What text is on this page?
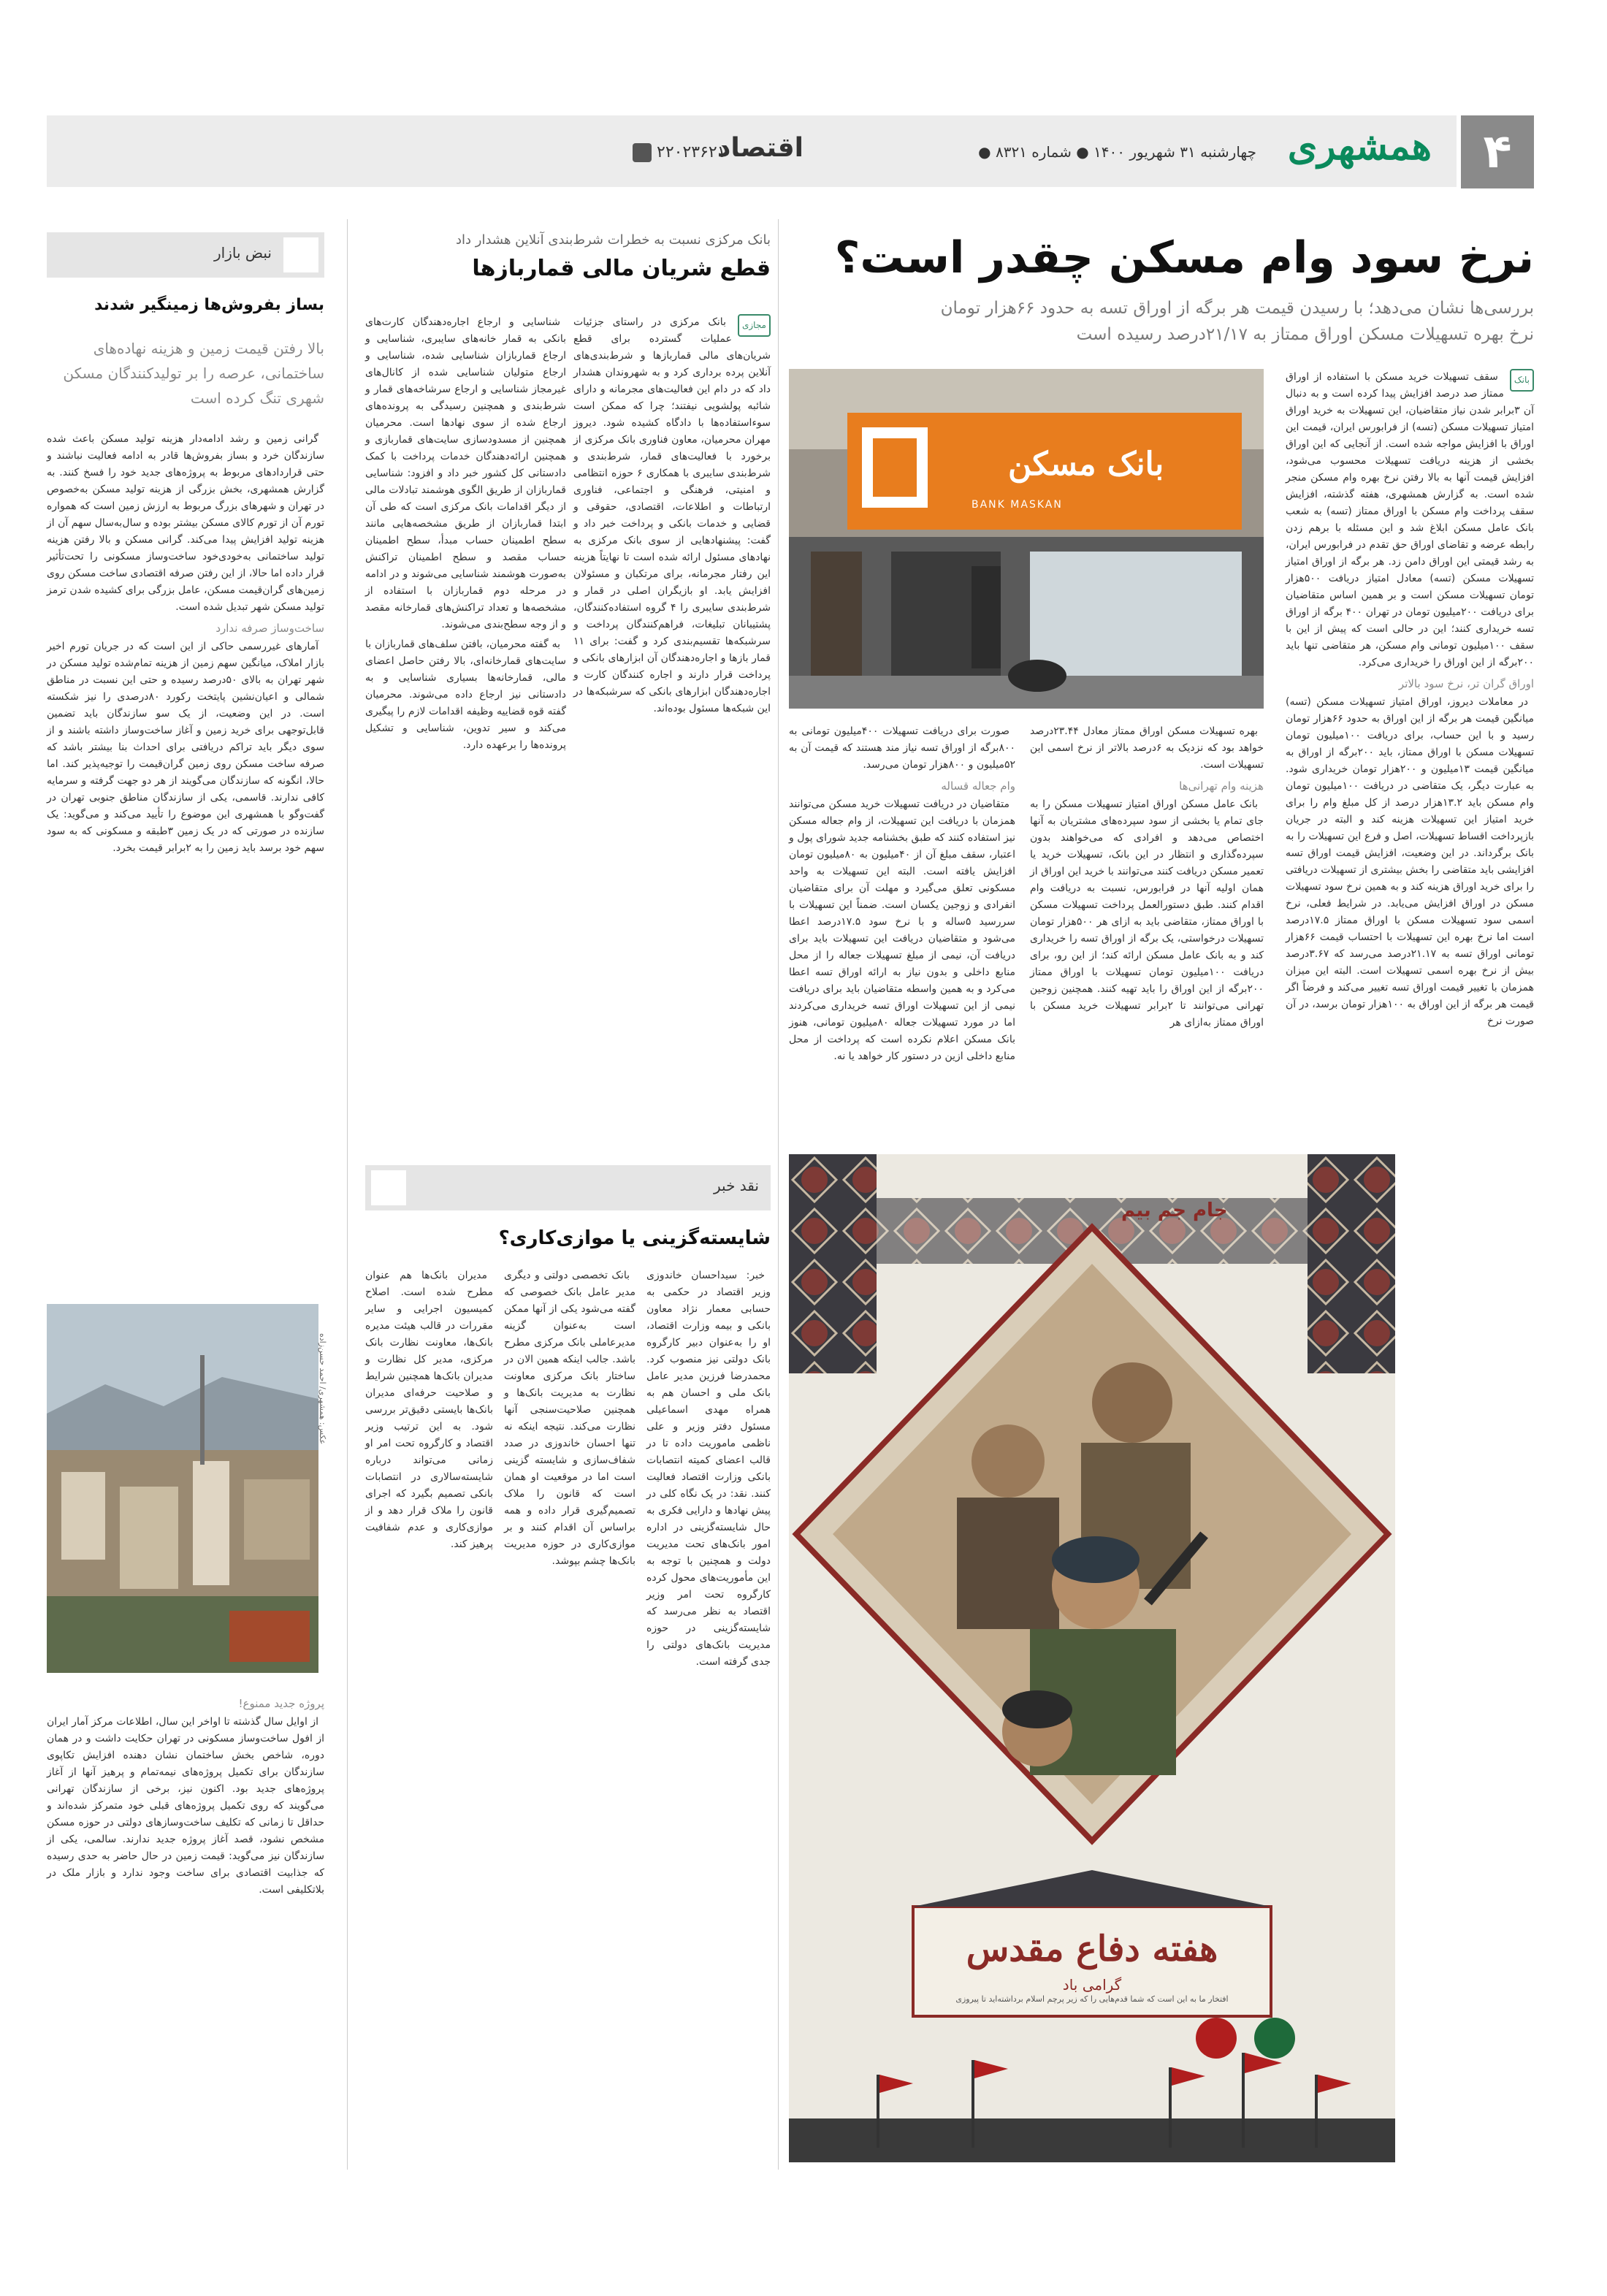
۴
همشهری
چهارشنبه ۳۱ شهریور ۱۴۰۰ ● شماره ۸۳۲۱ ●
اقتصاد
۲۲۰۲۳۶۲۱
نرخ سود وام مسکن چقدر است؟
بررسی‌ها نشان می‌دهد؛ با رسیدن قیمت هر برگه از اوراق تسه به حدود ۶۶هزار تومان
نرخ بهره تسهیلات مسکن اوراق ممتاز به ۲۱/۱۷درصد رسیده است
بانک مسکن
BANK MASKAN
بانک

سقف تسهیلات خرید مسکن با استفاده از اوراق ممتاز صد درصد افزایش پیدا کرده است و به دنبال آن ۳برابر شدن نیاز متقاضیان، این تسهیلات به خرید اوراق امتیاز تسهیلات مسکن (تسه) از فرابورس ایران، قیمت این اوراق با افزایش مواجه شده است. از آنجایی که این اوراق بخشی از هزینه دریافت تسهیلات محسوب می‌شود، افزایش قیمت آنها به بالا رفتن نرخ بهره وام مسکن منجر شده است. به گزارش همشهری، هفته گذشته، افزایش سقف پرداخت وام مسکن با اوراق ممتاز (تسه) به شعب بانک عامل مسکن ابلاغ شد و این مسئله با برهم زدن رابطه عرضه و تقاضای اوراق حق تقدم در فرابورس ایران، به رشد قیمتی این اوراق دامن زد. هر برگه از اوراق امتیاز تسهیلات مسکن (تسه) معادل امتیاز دریافت ۵۰۰هزار تومان تسهیلات مسکن است و بر همین اساس متقاضیان برای دریافت ۲۰۰میلیون تومان در تهران ۴۰۰ برگه از اوراق تسه خریداری کنند؛ این در حالی است که پیش از این با سقف ۱۰۰میلیون تومانی وام مسکن، هر متقاضی تنها باید ۲۰۰برگه از این اوراق را خریداری می‌کرد.

اوراق گران تر، نرخ سود بالاتر

در معاملات دیروز، اوراق امتیاز تسهیلات مسکن (تسه) میانگین قیمت هر برگه از این اوراق به حدود ۶۶هزار تومان رسید و با این حساب، برای دریافت ۱۰۰میلیون تومان تسهیلات مسکن با اوراق ممتاز، باید ۲۰۰برگه از اوراق به میانگین قیمت ۱۳میلیون و ۲۰۰هزار تومان خریداری شود. به عبارت دیگر، یک متقاضی در دریافت ۱۰۰میلیون تومان وام مسکن باید ۱۳.۲هزار درصد از کل مبلغ وام را برای خرید امتیاز این تسهیلات هزینه کند و البته در جریان بازپرداخت اقساط تسهیلات، اصل و فرع این تسهیلات را به بانک برگرداند. در این وضعیت، افزایش قیمت اوراق تسه افزایشی باید متقاضی را بخش بیشتری از تسهیلات دریافتی را برای خرید اوراق هزینه کند و به همین نرخ سود تسهیلات مسکن در اوراق افزایش می‌یابد. در شرایط فعلی، نرخ اسمی سود تسهیلات مسکن با اوراق ممتاز ۱۷.۵درصد است اما نرخ بهره این تسهیلات با احتساب قیمت ۶۶هزار تومانی اوراق تسه به ۲۱.۱۷درصد می‌رسد که ۳.۶۷درصد بیش از نرخ بهره اسمی تسهیلات است. البته این میزان همزمان با تغییر قیمت اوراق تسه تغییر می‌کند و فرضاً اگر قیمت هر برگه از این اوراق به ۱۰۰هزار تومان برسد، در آن صورت نرخ

بهره تسهیلات مسکن اوراق ممتاز معادل ۲۳.۴۴درصد خواهد بود که نزدیک به ۶درصد بالاتر از نرخ اسمی این تسهیلات است.

هزینه وام تهرانی‌ها

بانک عامل مسکن اوراق امتیاز تسهیلات مسکن را به جای تمام یا بخشی از سود سپرده‌های مشتریان به آنها اختصاص می‌دهد و افرادی که می‌خواهند بدون سپرده‌گذاری و انتظار در این بانک، تسهیلات خرید یا تعمیر مسکن دریافت کنند می‌توانند با خرید این اوراق از همان اولیه آنها در فرابورس، نسبت به دریافت وام اقدام کنند. طبق دستورالعمل پرداخت تسهیلات مسکن با اوراق ممتاز، متقاضی باید به ازای هر ۵۰۰هزار تومان تسهیلات درخواستی، یک برگه از اوراق تسه را خریداری کند و به بانک عامل مسکن ارائه کند؛ از این رو، برای دریافت ۱۰۰میلیون تومان تسهیلات با اوراق ممتاز ۲۰۰برگه از این اوراق را باید تهیه کنند. همچنین زوجین تهرانی می‌توانند تا ۲برابر تسهیلات خرید مسکن با اوراق ممتاز به‌ازای هر

صورت برای دریافت تسهیلات ۴۰۰میلیون تومانی به ۸۰۰برگه از اوراق تسه نیاز مند هستند که قیمت آن به ۵۲میلیون و ۸۰۰هزار تومان می‌رسد.

وام جعاله قساله

متقاضیان در دریافت تسهیلات خرید مسکن می‌توانند همزمان با دریافت این تسهیلات، از وام جعاله مسکن نیز استفاده کنند که طبق بخشنامه جدید شورای پول و اعتبار، سقف مبلغ آن از ۴۰میلیون به ۸۰میلیون تومان افزایش یافته است. البته این تسهیلات به واحد مسکونی تعلق می‌گیرد و مهلت آن برای متقاضیان انفرادی و زوجین یکسان است. ضمناً این تسهیلات با سررسید ۵ساله و با نرخ سود ۱۷.۵درصد اعطا می‌شود و متقاضیان دریافت این تسهیلات باید برای دریافت آن، نیمی از مبلغ تسهیلات جعاله را از محل منابع داخلی و بدون نیاز به ارائه اوراق تسه اعطا می‌کرد و به همین واسطه متقاضیان باید برای دریافت نیمی از این تسهیلات اوراق تسه خریداری می‌کردند اما در مورد تسهیلات جعاله ۸۰میلیون تومانی، هنوز بانک مسکن اعلام نکرده است که پرداخت از محل منابع داخلی ازین در دستور کار خواهد یا نه.

بانک مرکزی نسبت به خطرات شرط‌بندی آنلاین هشدار داد
قطع شریان مالی قماربازها
مجازی

بانک مرکزی در راستای جزئیات عملیات گسترده برای قطع شریان‌های مالی قماربازها و شرط‌بندی‌های آنلاین پرده برداری کرد و به شهروندان هشدار داد که در دام این فعالیت‌های مجرمانه و دارای شائبه پولشویی نیفتند؛ چرا که ممکن است سوءاستفاده‌ها با دادگاه کشیده شود. دیروز مهران محرمیان، معاون فناوری بانک مرکزی از برخورد با فعالیت‌های قمار، شرط‌بندی و شرط‌بندی سایبری با همکاری ۶ حوزه انتظامی و امنیتی، فرهنگی و اجتماعی، فناوری ارتباطات و اطلاعات، اقتصادی، حقوقی و قضایی و خدمات بانکی و پرداخت خبر داد و گفت: پیشنهادهایی از سوی بانک مرکزی به نهادهای مسئول ارائه شده است تا نهایتاً هزینه این رفتار مجرمانه، برای مرتکبان و مسئولان افزایش یابد. او بازیگران اصلی در قمار و شرط‌بندی سایبری را ۴ گروه استفاده‌کنندگان، پشتیبانان تبلیغات، فراهم‌کنندگان پرداخت و سرشبکه‌ها تقسیم‌بندی کرد و گفت: برای ۱۱ قمار بازها و اجاره‌دهندگان آن ابزارهای بانکی و پرداخت قرار دارند و اجاره کنندگان کارت و اجاره‌دهندگان ابزارهای بانکی که سرشبکه‌ها در این شبکه‌ها مسئول بوده‌اند.

شناسایی و ارجاع اجاره‌دهندگان کارت‌های بانکی به قمار خانه‌های سایبری، شناسایی و ارجاع قماربازان شناسایی شده، شناسایی و ارجاع متولیان شناسایی شده از کانال‌های غیرمجاز شناسایی و ارجاع سرشاخه‌های قمار و شرط‌بندی و همچنین رسیدگی به پرونده‌های ارجاع شده از سوی نهادها است. محرمیان همچنین از مسدودسازی سایت‌های قماربازی و همچنین ارائه‌دهندگان خدمات پرداخت با کمک دادستانی کل کشور خبر داد و افزود: شناسایی قماربازان از طریق الگوی هوشمند تبادلات مالی از دیگر اقدامات بانک مرکزی است که طی آن ابتدا قماربازان از طریق مشخصه‌هایی مانند سطح اطمینان حساب مبدأ، سطح اطمینان حساب مقصد و سطح اطمینان تراکنش به‌صورت هوشمند شناسایی می‌شوند و در ادامه در مرحله دوم قماربازان با استفاده از مشخصه‌ها و تعداد تراکنش‌های قمارخانه مقصد و از وجه سطح‌بندی می‌شوند.

به گفته محرمیان، بافتن سلف‌های قماربازان با سایت‌های قمارخانه‌ای، بالا رفتن حاصل اعضای مالی، قمارخانه‌ها بسیاری شناسایی و به دادستانی نیز ارجاع داده می‌شوند. محرمیان گفته قوه قضاییه وظیفه اقدامات لازم را پیگیری می‌کند و سیر تدوین، شناسایی و تشکیل پرونده‌ها را برعهده دارد.

نقد خبر
شایسته‌گزینی یا موازی‌کاری؟

خبر: سیداحسان خاندوزی وزیر اقتصاد در حکمی به حسابی معمار نژاد معاون بانکی و بیمه وزارت اقتصاد، او را به‌عنوان دبیر کارگروه بانک دولتی نیز منصوب کرد. محمدرضا فرزین مدیر عامل بانک ملی و احسان هم به همراه مهدی اسماعیلی مسئول دفتر وزیر و علی ناظمی ماموریت داده تا در قالب اعضای کمیته انتصابات بانکی وزارت اقتصاد فعالیت کنند. نقد: در یک نگاه کلی در پیش نهادها و دارایی فکری به حال شایسته‌گزینی در اداره امور بانک‌های تحت مدیریت دولت و همچنین با توجه به این مأموریت‌های محول کرده کارگروه تحت امر وزیر اقتصاد به نظر می‌رسد که شایسته‌گزینی در حوزه مدیریت بانک‌های دولتی را جدی گرفته است.

بانک تخصصی دولتی و دیگری مدیر عامل بانک خصوصی که گفته می‌شود یکی از آنها ممکن است به‌عنوان گزینه مدیرعاملی بانک مرکزی مطرح باشد. جالب اینکه همین الان در ساختار بانک مرکزی معاونت نظارت به مدیریت بانک‌ها و همچنین صلاحیت‌سنجی آنها نظارت می‌کند. نتیجه اینکه نه تنها احسان خاندوزی در صدد شفاف‌سازی و شایسته گزینی است اما در موقعیت او همان است که قانون را ملاک تصمیم‌گیری قرار داده و همه براساس آن اقدام کنند و بر موازی‌کاری در حوزه مدیریت بانک‌ها چشم بپوشد.

مدیران بانک‌ها هم عنوان مطرح شده است. اصلاح کمیسیون اجرایی و سایر مقررات در قالب هیئت مدیره بانک‌ها، معاونت نظارت بانک مرکزی، مدیر کل نظارت و مدیران بانک‌ها همچنین شرایط و صلاحیت حرفه‌ای مدیران بانک‌ها بایستی دقیق‌تر بررسی شود. به این ترتیب وزیر اقتصاد و کارگروه تحت امر او زمانی می‌تواند درباره شایسته‌سالاری در انتصابات بانکی تصمیم بگیرد که اجرای قانون را ملاک قرار دهد و از موازی‌کاری و عدم شفافیت پرهیز کند.

نبض بازار
بساز بفروش‌ها زمینگیر شدند
بالا رفتن قیمت زمین و هزینه نهاده‌های ساختمانی، عرصه را بر تولیدکنندگان مسکن شهری تنگ کرده است

گرانی زمین و رشد ادامه‌دار هزینه تولید مسکن باعث شده سازندگان خرد و بساز بفروش‌ها قادر به ادامه فعالیت نباشند و حتی قراردادهای مربوط به پروژه‌های جدید خود را فسخ کنند. به گزارش همشهری، بخش بزرگی از هزینه تولید مسکن به‌خصوص در تهران و شهرهای بزرگ مربوط به ارزش زمین است که همواره تورم آن از تورم کالای مسکن بیشتر بوده و سال‌به‌سال سهم آن از هزینه تولید افزایش پیدا می‌کند. گرانی مسکن و بالا رفتن هزینه تولید ساختمانی به‌خودی‌خود ساخت‌وساز مسکونی را تحت‌تأثیر قرار داده اما حالا، از این رفتن صرفه اقتصادی ساخت مسکن روی زمین‌های گران‌قیمت مسکن، عامل بزرگی برای کشیده شدن ترمز تولید مسکن شهر تبدیل شده است.

ساخت‌وساز صرفه ندارد

آمارهای غیررسمی حاکی از این است که در جریان تورم اخیر بازار املاک، میانگین سهم زمین از هزینه تمام‌شده تولید مسکن در شهر تهران به بالای ۵۰درصد رسیده و حتی این نسبت در مناطق شمالی و اعیان‌نشین پایتخت رکورد ۸۰درصدی را نیز شکسته است. در این وضعیت، از یک سو سازندگان باید تضمین قابل‌توجهی برای خرید زمین و آغاز ساخت‌وساز داشته باشند و از سوی دیگر باید تراکم دریافتی برای احداث بنا بیشتر باشد که صرفه ساخت مسکن روی زمین گران‌قیمت را توجیه‌پذیر کند. اما حالا، انگونه که سازندگان می‌گویند از هر دو جهت گرفته و سرمایه کافی ندارند. قاسمی، یکی از سازندگان مناطق جنوبی تهران در گفت‌وگو با همشهری این موضوع را تأیید می‌کند و می‌گوید: یک سازنده در صورتی که در یک زمین ۳طبقه و مسکونی که به سود سهم خود برسد باید زمین را به ۲برابر قیمت بخرد.

عکس: همشهری/ احمد حسن‌زاده
پروژه جدید ممنوع!

از اوایل سال گذشته تا اواخر این سال، اطلاعات مرکز آمار ایران از افول ساخت‌وساز مسکونی در تهران حکایت داشت و در همان دوره، شاخص بخش ساختمان نشان دهنده افزایش تکاپوی سازندگان برای تکمیل پروژه‌های نیمه‌تمام و پرهیز آنها از آغاز پروژه‌های جدید بود. اکنون نیز، برخی از سازندگان تهرانی می‌گویند که روی تکمیل پروژه‌های قبلی خود متمرکز شده‌اند و حداقل تا زمانی که تکلیف ساخت‌وسازهای دولتی در حوزه مسکن مشخص نشود، قصد آغاز پروژه جدید ندارند. سالمی، یکی از سازندگان نیز می‌گوید: قیمت زمین در حال حاضر به حدی رسیده که جذابیت اقتصادی برای ساخت وجود ندارد و بازار ملک در بلاتکلیفی است.

جام جم بیم
هفته دفاع مقدس
گرامی باد
افتخار ما به این است که شما قدم‌هایی را که زیر پرچم اسلام برداشته‌اید تا پیروزی
